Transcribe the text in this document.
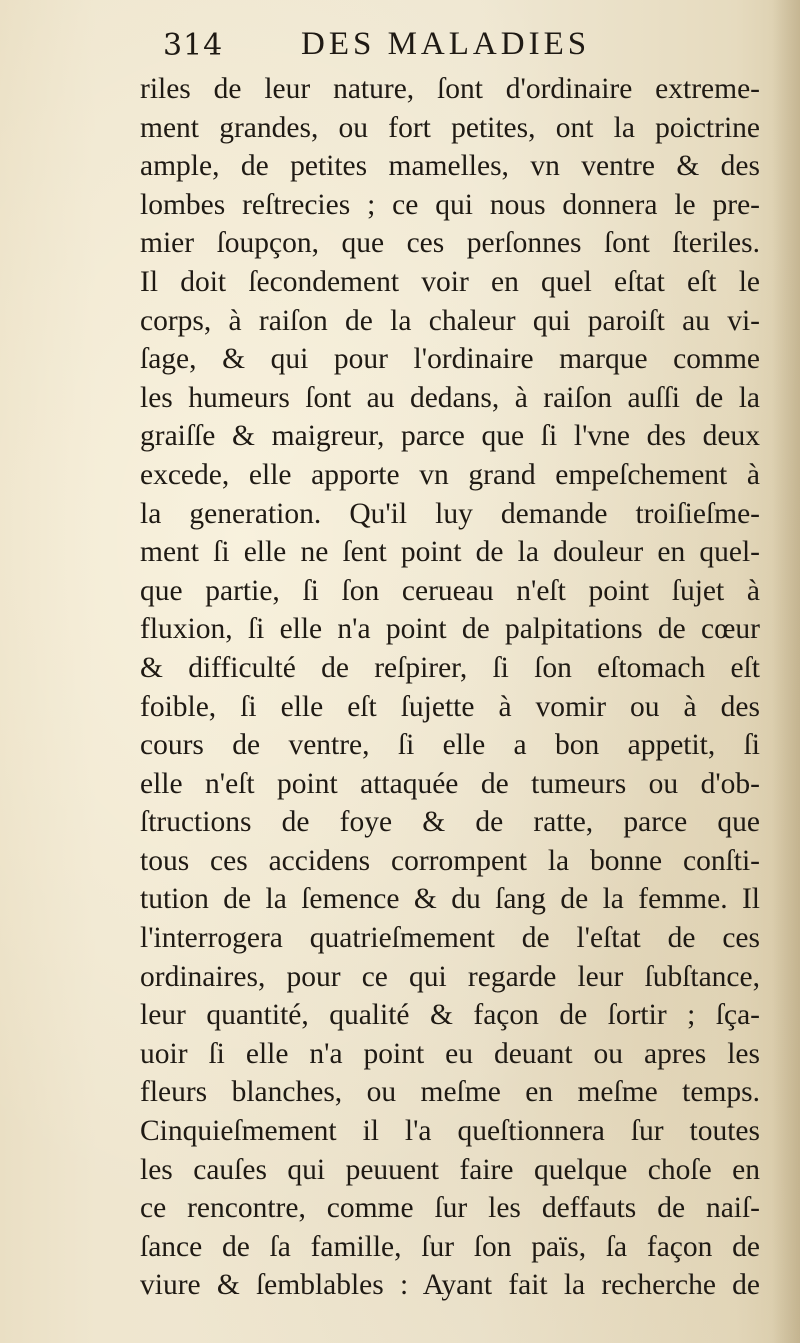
314 DES MALADIES
riles de leur nature, ſont d'ordinaire extreme-
ment grandes, ou fort petites, ont la poictrine
ample, de petites mamelles, vn ventre & des
lombes reſtrecies ; ce qui nous donnera le pre-
mier ſoupçon, que ces perſonnes ſont ſteriles.
Il doit ſecondement voir en quel eſtat eſt le
corps, à raiſon de la chaleur qui paroiſt au vi-
ſage, & qui pour l'ordinaire marque comme
les humeurs ſont au dedans, à raiſon auſſi de la
graiſſe & maigreur, parce que ſi l'vne des deux
excede, elle apporte vn grand empeſchement à
la generation. Qu'il luy demande troiſieſme-
ment ſi elle ne ſent point de la douleur en quel-
que partie, ſi ſon cerueau n'eſt point ſujet à
fluxion, ſi elle n'a point de palpitations de cœur
& difficulté de reſpirer, ſi ſon eſtomach eſt
foible, ſi elle eſt ſujette à vomir ou à des
cours de ventre, ſi elle a bon appetit, ſi
elle n'eſt point attaquée de tumeurs ou d'ob-
ſtructions de foye & de ratte, parce que
tous ces accidens corrompent la bonne conſti-
tution de la ſemence & du ſang de la femme. Il
l'interrogera quatrieſmement de l'eſtat de ces
ordinaires, pour ce qui regarde leur ſubſtance,
leur quantité, qualité & façon de ſortir ; ſça-
uoir ſi elle n'a point eu deuant ou apres les
fleurs blanches, ou meſme en meſme temps.
Cinquieſmement il l'a queſtionnera ſur toutes
les cauſes qui peuuent faire quelque choſe en
ce rencontre, comme ſur les deffauts de naiſ-
ſance de ſa famille, ſur ſon païs, ſa façon de
viure & ſemblables : Ayant fait la recherche de
